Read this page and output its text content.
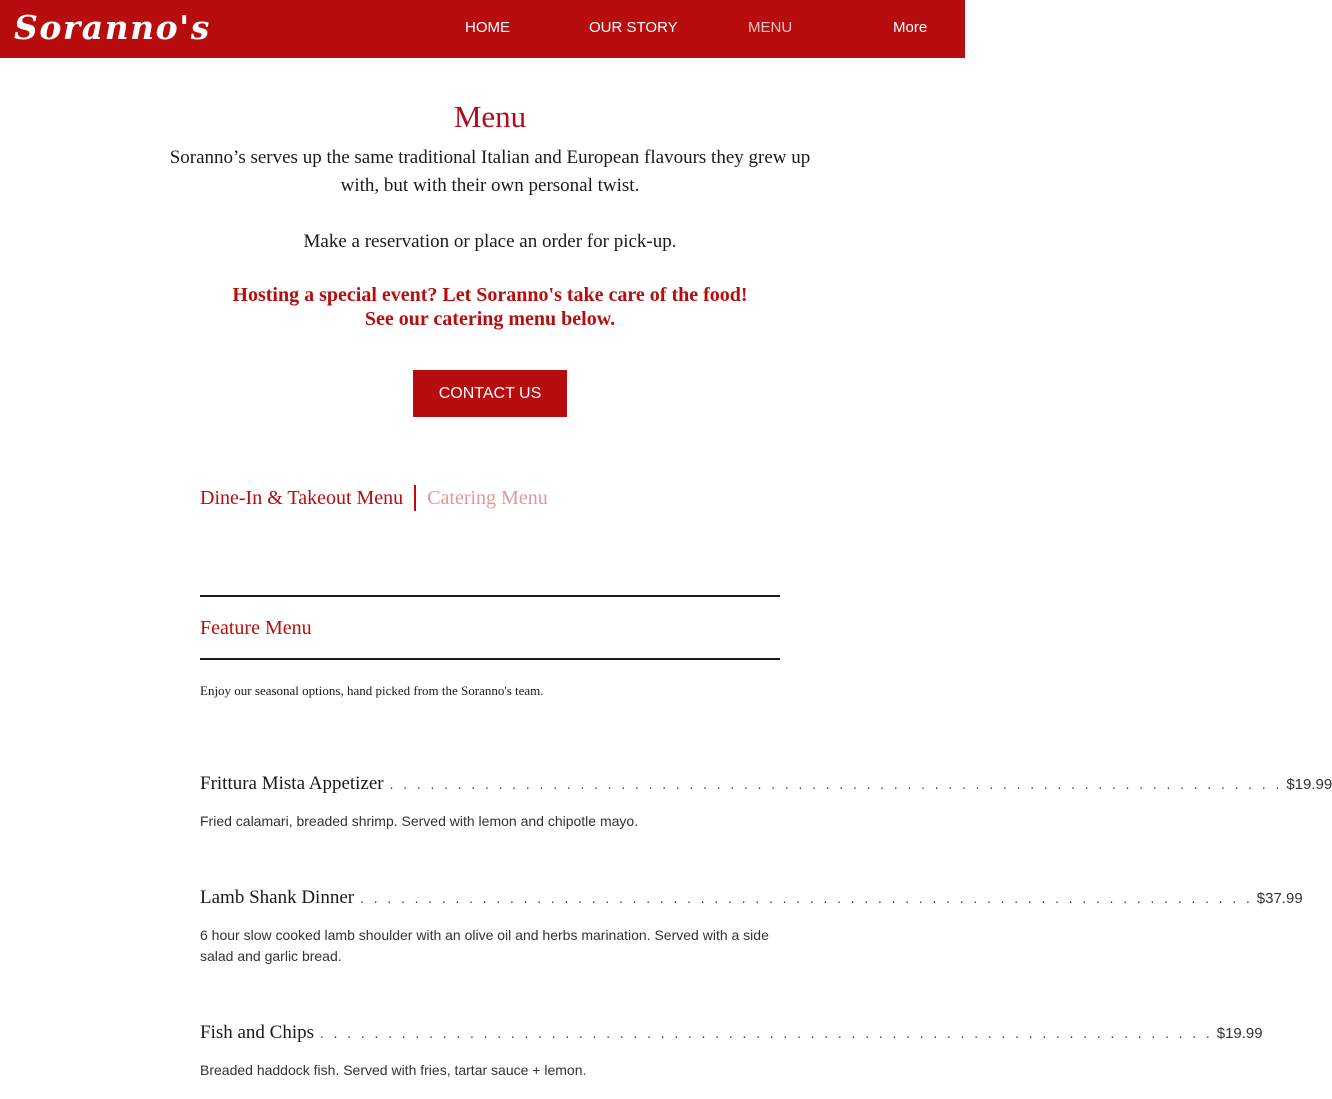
Soranno's	HOME	OUR STORY	MENU	More
Menu
Soranno’s serves up the same traditional Italian and European flavours they grew up with, but with their own personal twist.
Make a reservation or place an order for pick-up.
Hosting a special event? Let Soranno's take care of the food!
See our catering menu below.
CONTACT US
Dine-In & Takeout Menu Catering Menu
Feature Menu
Enjoy our seasonal options, hand picked from the Soranno's team.
Frittura Mista Appetizer . . . . . . . . . . . . . . . . . . . . . . . . . . . . . . . . . . . . . . . . . . . . . . . . . . . . . . . . . . . . . . . . . . $19.99
Fried calamari, breaded shrimp. Served with lemon and chipotle mayo.
Lamb Shank Dinner . . . . . . . . . . . . . . . . . . . . . . . . . . . . . . . . . . . . . . . . . . . . . . . . . . . . . . . . . . . . . . . . . . $37.99
6 hour slow cooked lamb shoulder with an olive oil and herbs marination. Served with a side salad and garlic bread.
Fish and Chips . . . . . . . . . . . . . . . . . . . . . . . . . . . . . . . . . . . . . . . . . . . . . . . . . . . . . . . . . . . . . . . . . . $19.99
Breaded haddock fish. Served with fries, tartar sauce + lemon.
